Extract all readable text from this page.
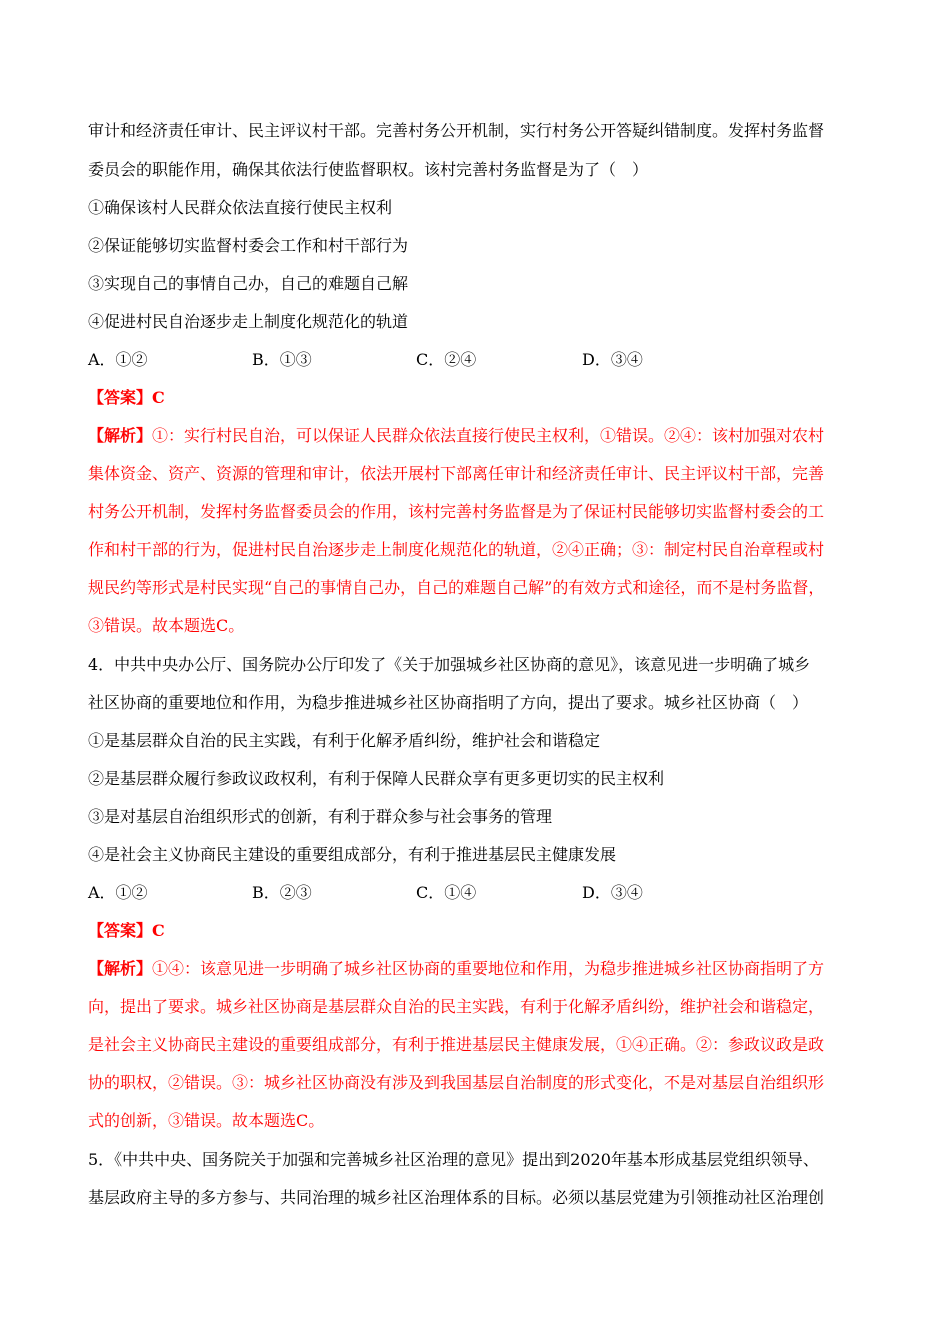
审计和经济责任审计、民主评议村干部。完善村务公开机制，实行村务公开答疑纠错制度。发挥村务监督
委员会的职能作用，确保其依法行使监督职权。该村完善村务监督是为了（　）
①确保该村人民群众依法直接行使民主权利
②保证能够切实监督村委会工作和村干部行为
③实现自己的事情自己办，自己的难题自己解
④促进村民自治逐步走上制度化规范化的轨道
A．①②	B．①③	C．②④	D．③④
【答案】C
【解析】①：实行村民自治，可以保证人民群众依法直接行使民主权利，①错误。②④：该村加强对农村
集体资金、资产、资源的管理和审计，依法开展村下部离任审计和经济责任审计、民主评议村干部，完善
村务公开机制，发挥村务监督委员会的作用，该村完善村务监督是为了保证村民能够切实监督村委会的工
作和村干部的行为，促进村民自治逐步走上制度化规范化的轨道，②④正确；③：制定村民自治章程或村
规民约等形式是村民实现“自己的事情自己办，自己的难题自己解”的有效方式和途径，而不是村务监督，
③错误。故本题选C。
4．中共中央办公厅、国务院办公厅印发了《关于加强城乡社区协商的意见》，该意见进一步明确了城乡
社区协商的重要地位和作用，为稳步推进城乡社区协商指明了方向，提出了要求。城乡社区协商（　）
①是基层群众自治的民主实践，有利于化解矛盾纠纷，维护社会和谐稳定
②是基层群众履行参政议政权利，有利于保障人民群众享有更多更切实的民主权利
③是对基层自治组织形式的创新，有利于群众参与社会事务的管理
④是社会主义协商民主建设的重要组成部分，有利于推进基层民主健康发展
A．①②	B．②③	C．①④	D．③④
【答案】C
【解析】①④：该意见进一步明确了城乡社区协商的重要地位和作用，为稳步推进城乡社区协商指明了方
向，提出了要求。城乡社区协商是基层群众自治的民主实践，有利于化解矛盾纠纷，维护社会和谐稳定，
是社会主义协商民主建设的重要组成部分，有利于推进基层民主健康发展，①④正确。②：参政议政是政
协的职权，②错误。③：城乡社区协商没有涉及到我国基层自治制度的形式变化，不是对基层自治组织形
式的创新，③错误。故本题选C。
5．《中共中央、国务院关于加强和完善城乡社区治理的意见》提出到2020年基本形成基层党组织领导、
基层政府主导的多方参与、共同治理的城乡社区治理体系的目标。必须以基层党建为引领推动社区治理创
